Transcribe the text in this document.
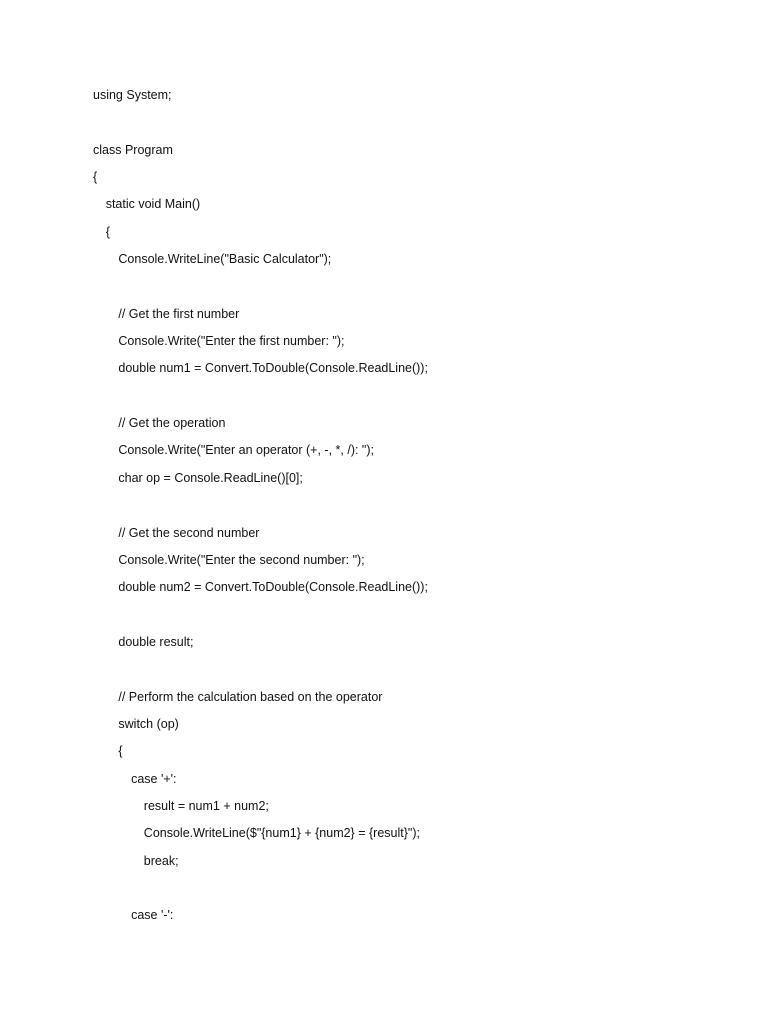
using System;
class Program
{
static void Main()
{
Console.WriteLine("Basic Calculator");
// Get the first number
Console.Write("Enter the first number: ");
double num1 = Convert.ToDouble(Console.ReadLine());
// Get the operation
Console.Write("Enter an operator (+, -, *, /): ");
char op = Console.ReadLine()[0];
// Get the second number
Console.Write("Enter the second number: ");
double num2 = Convert.ToDouble(Console.ReadLine());
double result;
// Perform the calculation based on the operator
switch (op)
{
case '+':
result = num1 + num2;
Console.WriteLine($"{num1} + {num2} = {result}");
break;
case '-':
